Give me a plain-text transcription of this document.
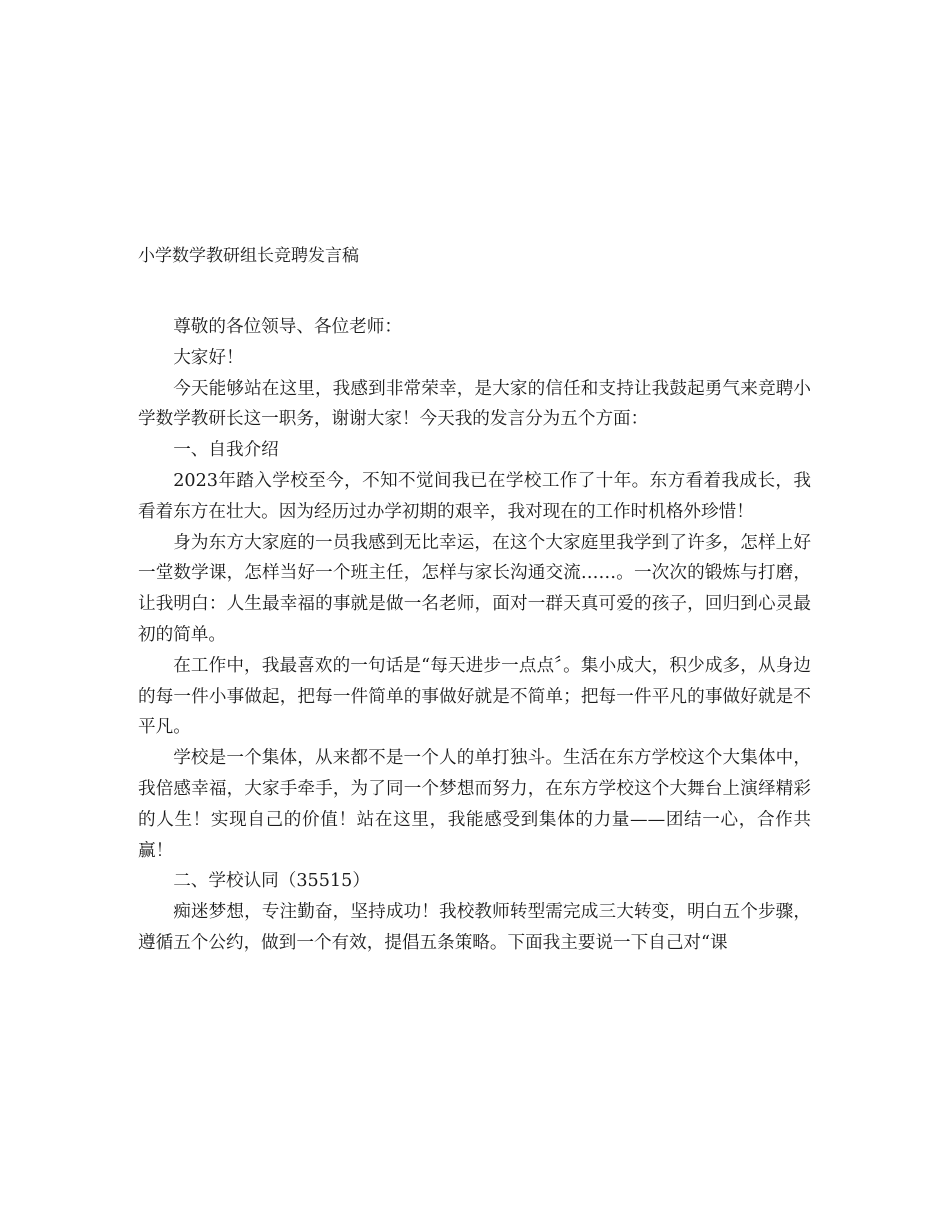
小学数学教研组长竞聘发言稿

尊敬的各位领导、各位老师：

大家好！

今天能够站在这里，我感到非常荣幸，是大家的信任和支持让我鼓起勇气来竞聘小学数学教研长这一职务，谢谢大家！今天我的发言分为五个方面：

一、自我介绍

2023年踏入学校至今，不知不觉间我已在学校工作了十年。东方看着我成长，我看着东方在壮大。因为经历过办学初期的艰辛，我对现在的工作时机格外珍惜！

身为东方大家庭的一员我感到无比幸运，在这个大家庭里我学到了许多，怎样上好一堂数学课，怎样当好一个班主任，怎样与家长沟通交流……。一次次的锻炼与打磨，让我明白：人生最幸福的事就是做一名老师，面对一群天真可爱的孩子，回归到心灵最初的简单。

在工作中，我最喜欢的一句话是“每天进步一点点〞。集小成大，积少成多，从身边的每一件小事做起，把每一件简单的事做好就是不简单；把每一件平凡的事做好就是不平凡。

学校是一个集体，从来都不是一个人的单打独斗。生活在东方学校这个大集体中，我倍感幸福，大家手牵手，为了同一个梦想而努力，在东方学校这个大舞台上演绎精彩的人生！实现自己的价值！站在这里，我能感受到集体的力量——团结一心，合作共赢！

二、学校认同（35515）

痴迷梦想，专注勤奋，坚持成功！我校教师转型需完成三大转变，明白五个步骤，遵循五个公约，做到一个有效，提倡五条策略。下面我主要说一下自己对“课
